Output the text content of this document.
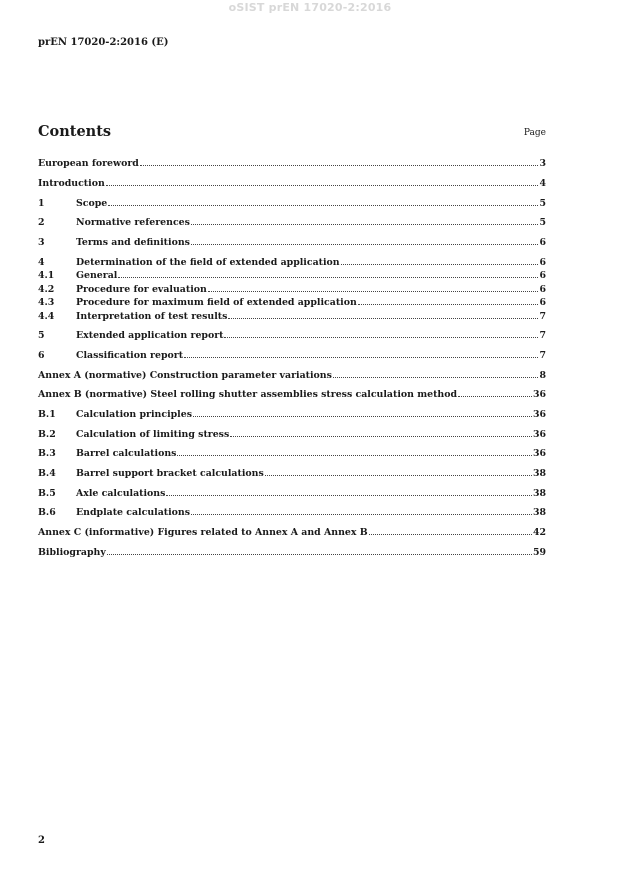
oSIST prEN 17020-2:2016
prEN 17020-2:2016 (E)
Contents	Page
European foreword	3
Introduction	4
1	Scope	5
2	Normative references	5
3	Terms and definitions	6
4	Determination of the field of extended application	6
4.1	General	6
4.2	Procedure for evaluation	6
4.3	Procedure for maximum field of extended application	6
4.4	Interpretation of test results	7
5	Extended application report	7
6	Classification report	7
Annex A (normative) Construction parameter variations	8
Annex B (normative) Steel rolling shutter assemblies stress calculation method	36
B.1	Calculation principles	36
B.2	Calculation of limiting stress	36
B.3	Barrel calculations	36
B.4	Barrel support bracket calculations	38
B.5	Axle calculations	38
B.6	Endplate calculations	38
Annex C (informative) Figures related to Annex A and Annex B	42
Bibliography	59
2
